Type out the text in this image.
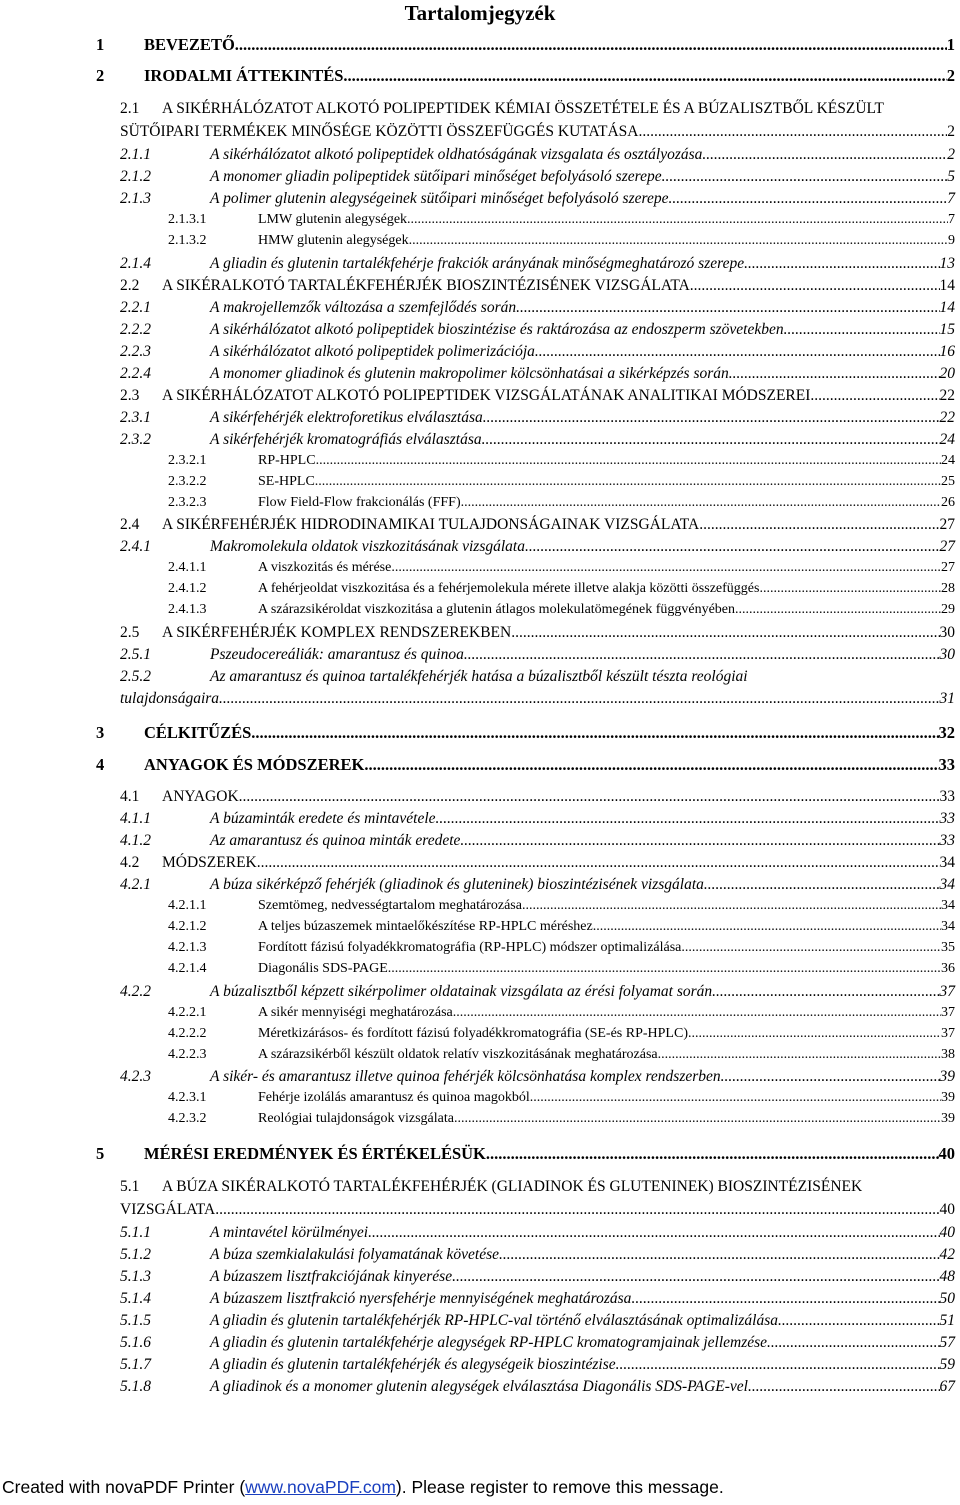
Tartalomjegyzék
1	BEVEZETŐ .....	1
2	IRODALMI ÁTTEKINTÉS .....	2
2.1 A SIKÉRHÁLÓZATOT ALKOTÓ POLIPEPTIDEK KÉMIAI ÖSSZETÉTELE ÉS A BÚZALISZTBŐL KÉSZÜLT
SÜTŐIPARI TERMÉKEK MINŐSÉGE KÖZÖTTI ÖSSZEFÜGGÉS KUTATÁSA .....	2
2.1.1	A sikérhálózatot alkotó polipeptidek oldhatóságának vizsgalata és osztályozása .....	2
2.1.2	A monomer gliadin polipeptidek sütőipari minőséget befolyásoló szerepe .....	5
2.1.3	A polimer glutenin alegységeinek sütőipari minőséget befolyásoló szerepe .....	7
2.1.3.1	LMW glutenin alegységek .....	7
2.1.3.2	HMW glutenin alegységek .....	9
2.1.4	A gliadin és glutenin tartalékfehérje frakciók arányának minőségmeghatározó szerepe .....	13
2.2	A SIKÉRALKOTÓ TARTALÉKFEHÉRJÉK BIOSZINTÉZISÉNEK VIZSGÁLATA .....	14
2.2.1	A makrojellemzők változása a szemfejlődés során .....	14
2.2.2	A sikérhálózatot alkotó polipeptidek bioszintézise és raktározása az endoszperm szövetekben .....	15
2.2.3	A sikérhálózatot alkotó polipeptidek polimerizációja .....	16
2.2.4	A monomer gliadinok és glutenin makropolimer kölcsönhatásai a sikérképzés során .....	20
2.3	A SIKÉRHÁLÓZATOT ALKOTÓ POLIPEPTIDEK VIZSGÁLATÁNAK ANALITIKAI MÓDSZEREI .....	22
2.3.1	A sikérfehérjék elektroforetikus elválasztása .....	22
2.3.2	A sikérfehérjék kromatográfiás elválasztása .....	24
2.3.2.1	RP-HPLC .....	24
2.3.2.2	SE-HPLC .....	25
2.3.2.3	Flow Field-Flow frakcionálás (FFF) .....	26
2.4	A SIKÉRFEHÉRJÉK HIDRODINAMIKAI TULAJDONSÁGAINAK VIZSGÁLATA .....	27
2.4.1	Makromolekula oldatok viszkozitásának vizsgálata .....	27
2.4.1.1	A viszkozitás és mérése .....	27
2.4.1.2	A fehérjeoldat viszkozitása és a fehérjemolekula mérete illetve alakja közötti összefüggés .....	28
2.4.1.3	A szárazsikéroldat viszkozitása a glutenin átlagos molekulatömegének függvényében .....	29
2.5	A SIKÉRFEHÉRJÉK KOMPLEX RENDSZEREKBEN .....	30
2.5.1	Pszeudocereáliák: amarantusz és quinoa .....	30
2.5.2	Az amarantusz és quinoa tartalékfehérjék hatása a búzalisztből készült tészta reológiai
tulajdonságaira .....	31
3	CÉLKITŰZÉS .....	32
4	ANYAGOK ÉS MÓDSZEREK .....	33
4.1	ANYAGOK .....	33
4.1.1	A búzaminták eredete és mintavétele .....	33
4.1.2	Az amarantusz és quinoa minták eredete .....	33
4.2	MÓDSZEREK .....	34
4.2.1	A búza sikérképző fehérjék (gliadinok és gluteninek) bioszintézisének vizsgálata .....	34
4.2.1.1	Szemtömeg, nedvességtartalom meghatározása .....	34
4.2.1.2	A teljes búzaszemek mintaelőkészítése RP-HPLC méréshez .....	34
4.2.1.3	Fordított fázisú folyadékkromatográfia (RP-HPLC) módszer optimalizálása .....	35
4.2.1.4	Diagonális SDS-PAGE .....	36
4.2.2	A búzalisztből képzett sikérpolimer oldatainak vizsgálata az érési folyamat során .....	37
4.2.2.1	A sikér mennyiségi meghatározása .....	37
4.2.2.2	Méretkizárásos- és fordított fázisú folyadékkromatográfia (SE-és RP-HPLC) .....	37
4.2.2.3	A szárazsikérből készült oldatok relatív viszkozitásának meghatározása .....	38
4.2.3	A sikér- és amarantusz illetve quinoa fehérjék kölcsönhatása komplex rendszerben .....	39
4.2.3.1	Fehérje izolálás amarantusz és quinoa magokból .....	39
4.2.3.2	Reológiai tulajdonságok vizsgálata .....	39
5	MÉRÉSI EREDMÉNYEK ÉS ÉRTÉKELÉSÜK .....	40
5.1 A BÚZA SIKÉRALKOTÓ TARTALÉKFEHÉRJÉK (GLIADINOK ÉS GLUTENINEK) BIOSZINTÉZISÉNEK
VIZSGÁLATA .....	40
5.1.1	A mintavétel körülményei .....	40
5.1.2	A búza szemkialakulási folyamatának követése .....	42
5.1.3	A búzaszem lisztfrakciójának kinyerése .....	48
5.1.4	A búzaszem lisztfrakció nyersfehérje mennyiségének meghatározása .....	50
5.1.5	A gliadin és glutenin tartalékfehérjék RP-HPLC-val történő elválasztásának optimalizálása .....	51
5.1.6	A gliadin és glutenin tartalékfehérje alegységek RP-HPLC kromatogramjainak jellemzése .....	57
5.1.7	A gliadin és glutenin tartalékfehérjék és alegységeik bioszintézise .....	59
5.1.8	A gliadinok és a monomer glutenin alegységek elválasztása Diagonális SDS-PAGE-vel .....	67
Created with novaPDF Printer (www.novaPDF.com). Please register to remove this message.
